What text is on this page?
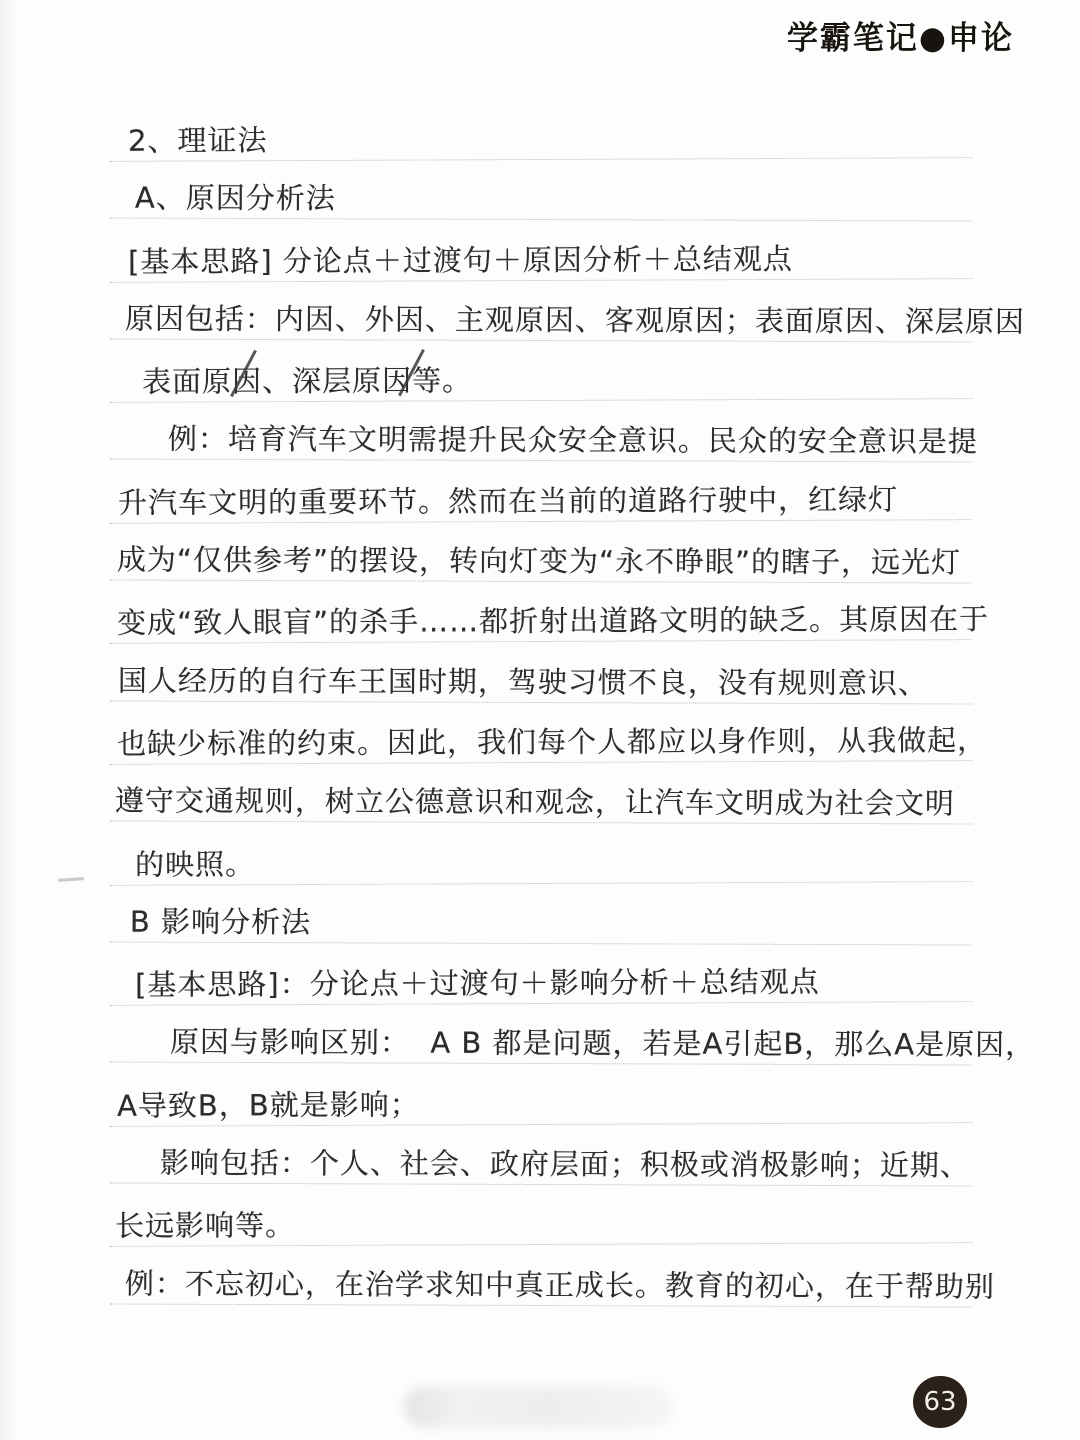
学霸笔记●申论
2、理证法
A、原因分析法
[基本思路] 分论点＋过渡句＋原因分析＋总结观点
原因包括：内因、外因、主观原因、客观原因；表面原因、深层原因
表面原因、深层原因等。
例：培育汽车文明需提升民众安全意识。民众的安全意识是提
升汽车文明的重要环节。然而在当前的道路行驶中，红绿灯
成为“仅供参考”的摆设，转向灯变为“永不睁眼”的瞎子，远光灯
变成“致人眼盲”的杀手……都折射出道路文明的缺乏。其原因在于
国人经历的自行车王国时期，驾驶习惯不良，没有规则意识、
也缺少标准的约束。因此，我们每个人都应以身作则，从我做起，
遵守交通规则，树立公德意识和观念，让汽车文明成为社会文明
的映照。
B 影响分析法
[基本思路]：分论点＋过渡句＋影响分析＋总结观点
原因与影响区别：  A B 都是问题，若是A引起B，那么A是原因，
A导致B，B就是影响；
影响包括：个人、社会、政府层面；积极或消极影响；近期、
长远影响等。
例：不忘初心，在治学求知中真正成长。教育的初心，在于帮助别
63
